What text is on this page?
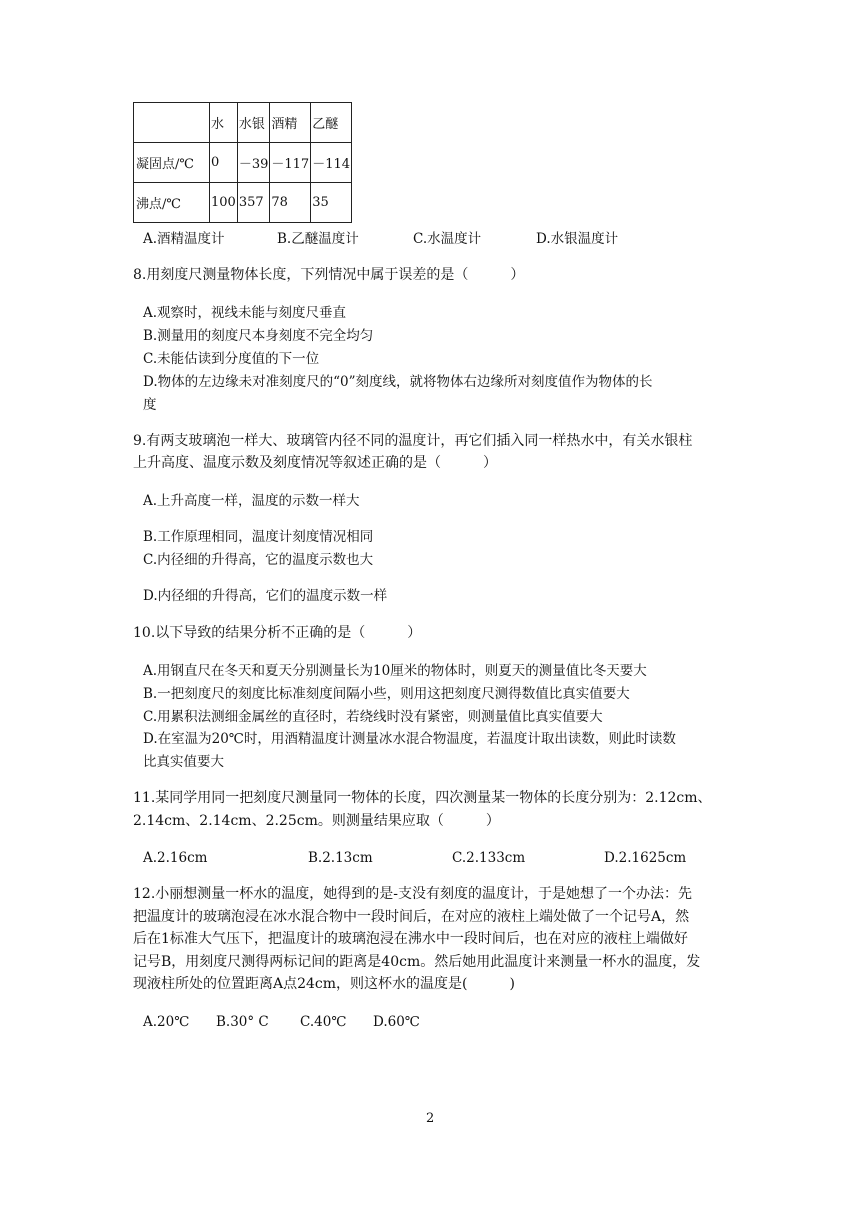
	水	水银	酒精	乙醚
凝固点/℃	0	－39	－117	－114
沸点/℃	100	357	78	35
A.酒精温度计	B.乙醚温度计	C.水温度计	D.水银温度计
8.用刻度尺测量物体长度，下列情况中属于误差的是（　　　）
A.观察时，视线未能与刻度尺垂直
B.测量用的刻度尺本身刻度不完全均匀
C.未能估读到分度值的下一位
D.物体的左边缘未对准刻度尺的“0”刻度线，就将物体右边缘所对刻度值作为物体的长
度
9.有两支玻璃泡一样大、玻璃管内径不同的温度计，再它们插入同一样热水中，有关水银柱
上升高度、温度示数及刻度情况等叙述正确的是（　　　）
A.上升高度一样，温度的示数一样大
B.工作原理相同，温度计刻度情况相同
C.内径细的升得高，它的温度示数也大
D.内径细的升得高，它们的温度示数一样
10.以下导致的结果分析不正确的是（　　　）
A.用钢直尺在冬天和夏天分别测量长为10厘米的物体时，则夏天的测量值比冬天要大
B.一把刻度尺的刻度比标准刻度间隔小些，则用这把刻度尺测得数值比真实值要大
C.用累积法测细金属丝的直径时，若绕线时没有紧密，则测量值比真实值要大
D.在室温为20℃时，用酒精温度计测量冰水混合物温度，若温度计取出读数，则此时读数
比真实值要大
11.某同学用同一把刻度尺测量同一物体的长度，四次测量某一物体的长度分别为：2.12cm、
2.14cm、2.14cm、2.25cm。则测量结果应取（　　　）
A.2.16cm	B.2.13cm	C.2.133cm	D.2.1625cm
12.小丽想测量一杯水的温度，她得到的是-支没有刻度的温度计，于是她想了一个办法：先
把温度计的玻璃泡浸在冰水混合物中一段时间后，在对应的液柱上端处做了一个记号A，然
后在1标准大气压下，把温度计的玻璃泡浸在沸水中一段时间后，也在对应的液柱上端做好
记号B，用刻度尺测得两标记间的距离是40cm。然后她用此温度计来测量一杯水的温度，发
现液柱所处的位置距离A点24cm，则这杯水的温度是(　　　)
A.20℃ B.30° C C.40℃ D.60℃
2
